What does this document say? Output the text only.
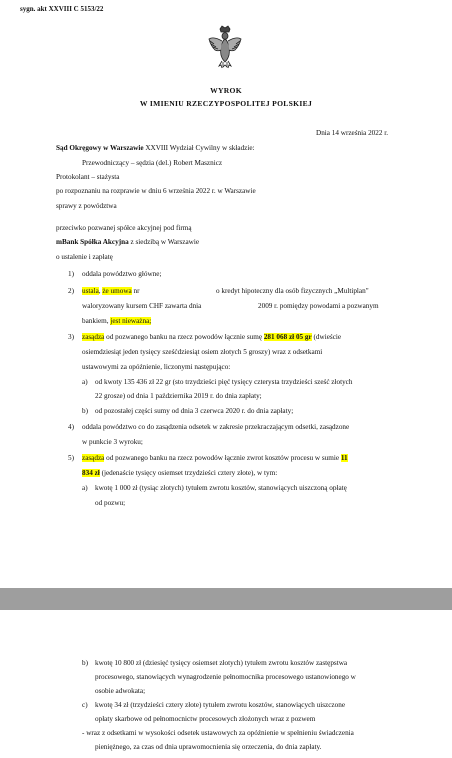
sygn. akt XXVIII C 5153/22
WYROK
W IMIENIU RZECZYPOSPOLITEJ POLSKIEJ
Dnia 14 września 2022 r.
Sąd Okręgowy w Warszawie XXVIII Wydział Cywilny w składzie:
Przewodniczący – sędzia (del.) Robert Masznicz
Protokolant – stażysta
po rozpoznaniu na rozprawie w dniu 6 września 2022 r. w Warszawie
sprawy z powództwa
przeciwko pozwanej spółce akcyjnej pod firmą
mBank Spółka Akcyjna z siedzibą w Warszawie
o ustalenie i zapłatę
1) oddala powództwo główne;
2) ustala, że umowa nr	o kredyt hipoteczny dla osób fizycznych „Multiplan"
waloryzowany kursem CHF zawarta dnia	2009 r. pomiędzy powodami a pozwanym
bankiem, jest nieważna;
3) zasądza od pozwanego banku na rzecz powodów łącznie sumę 281 068 zł 05 gr (dwieście
osiemdziesiąt jeden tysięcy sześćdziesiąt osiem złotych 5 groszy) wraz z odsetkami
ustawowymi za opóźnienie, liczonymi następująco:
a) od kwoty 135 436 zł 22 gr (sto trzydzieści pięć tysięcy czterysta trzydzieści sześć złotych
22 grosze) od dnia 1 października 2019 r. do dnia zapłaty;
b) od pozostałej części sumy od dnia 3 czerwca 2020 r. do dnia zapłaty;
4) oddala powództwo co do zasądzenia odsetek w zakresie przekraczającym odsetki, zasądzone
w punkcie 3 wyroku;
5) zasądza od pozwanego banku na rzecz powodów łącznie zwrot kosztów procesu w sumie 11
834 zł (jedenaście tysięcy osiemset trzydzieści cztery złote), w tym:
a) kwotę 1 000 zł (tysiąc złotych) tytułem zwrotu kosztów, stanowiących uiszczoną opłatę
od pozwu;
b) kwotę 10 800 zł (dziesięć tysięcy osiemset złotych) tytułem zwrotu kosztów zastępstwa
procesowego, stanowiących wynagrodzenie pełnomocnika procesowego ustanowionego w
osobie adwokata;
c) kwotę 34 zł (trzydzieści cztery złote) tytułem zwrotu kosztów, stanowiących uiszczone
opłaty skarbowe od pełnomocnictw procesowych złożonych wraz z pozwem
- wraz z odsetkami w wysokości odsetek ustawowych za opóźnienie w spełnieniu świadczenia
pieniężnego, za czas od dnia uprawomocnienia się orzeczenia, do dnia zapłaty.
